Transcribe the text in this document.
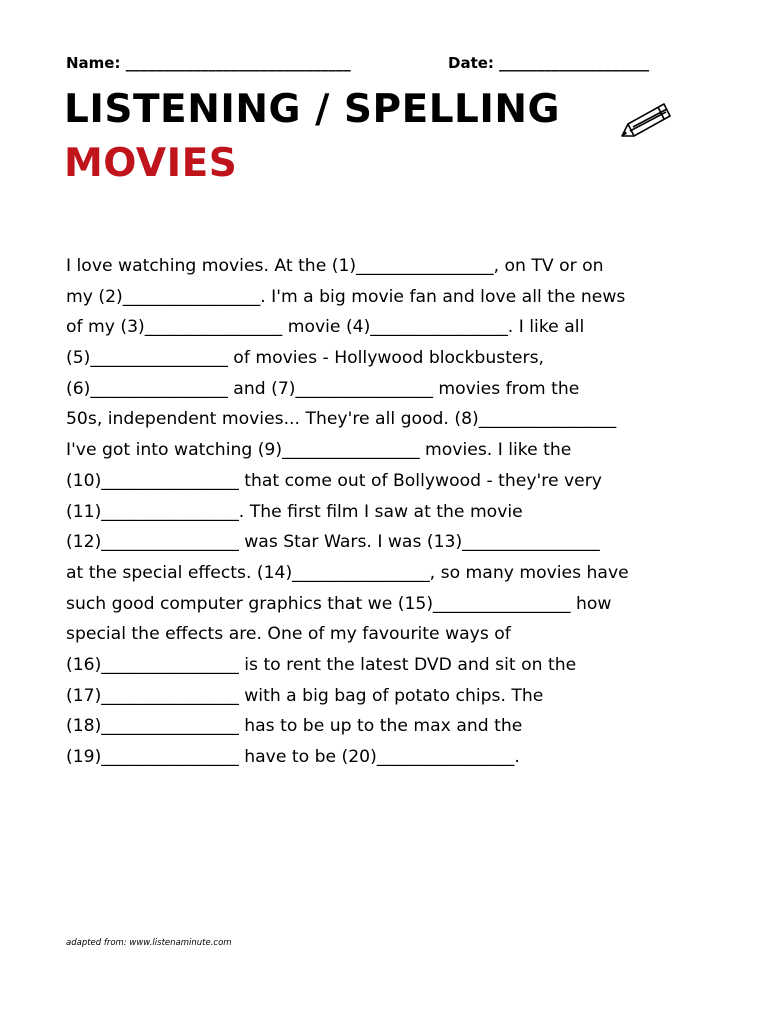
Name: ______________________________	Date: ____________________
LISTENING / SPELLING
MOVIES
I love watching movies. At the (1)________________, on TV or on
my (2)________________. I'm a big movie fan and love all the news
of my (3)________________ movie (4)________________. I like all
(5)________________ of movies - Hollywood blockbusters,
(6)________________ and (7)________________ movies from the
50s, independent movies... They're all good. (8)________________
I've got into watching (9)________________ movies. I like the
(10)________________ that come out of Bollywood - they're very
(11)________________. The first film I saw at the movie
(12)________________ was Star Wars. I was (13)________________
at the special effects. (14)________________, so many movies have
such good computer graphics that we (15)________________ how
special the effects are. One of my favourite ways of
(16)________________ is to rent the latest DVD and sit on the
(17)________________ with a big bag of potato chips. The
(18)________________ has to be up to the max and the
(19)________________ have to be (20)________________.
adapted from: www.listenaminute.com
